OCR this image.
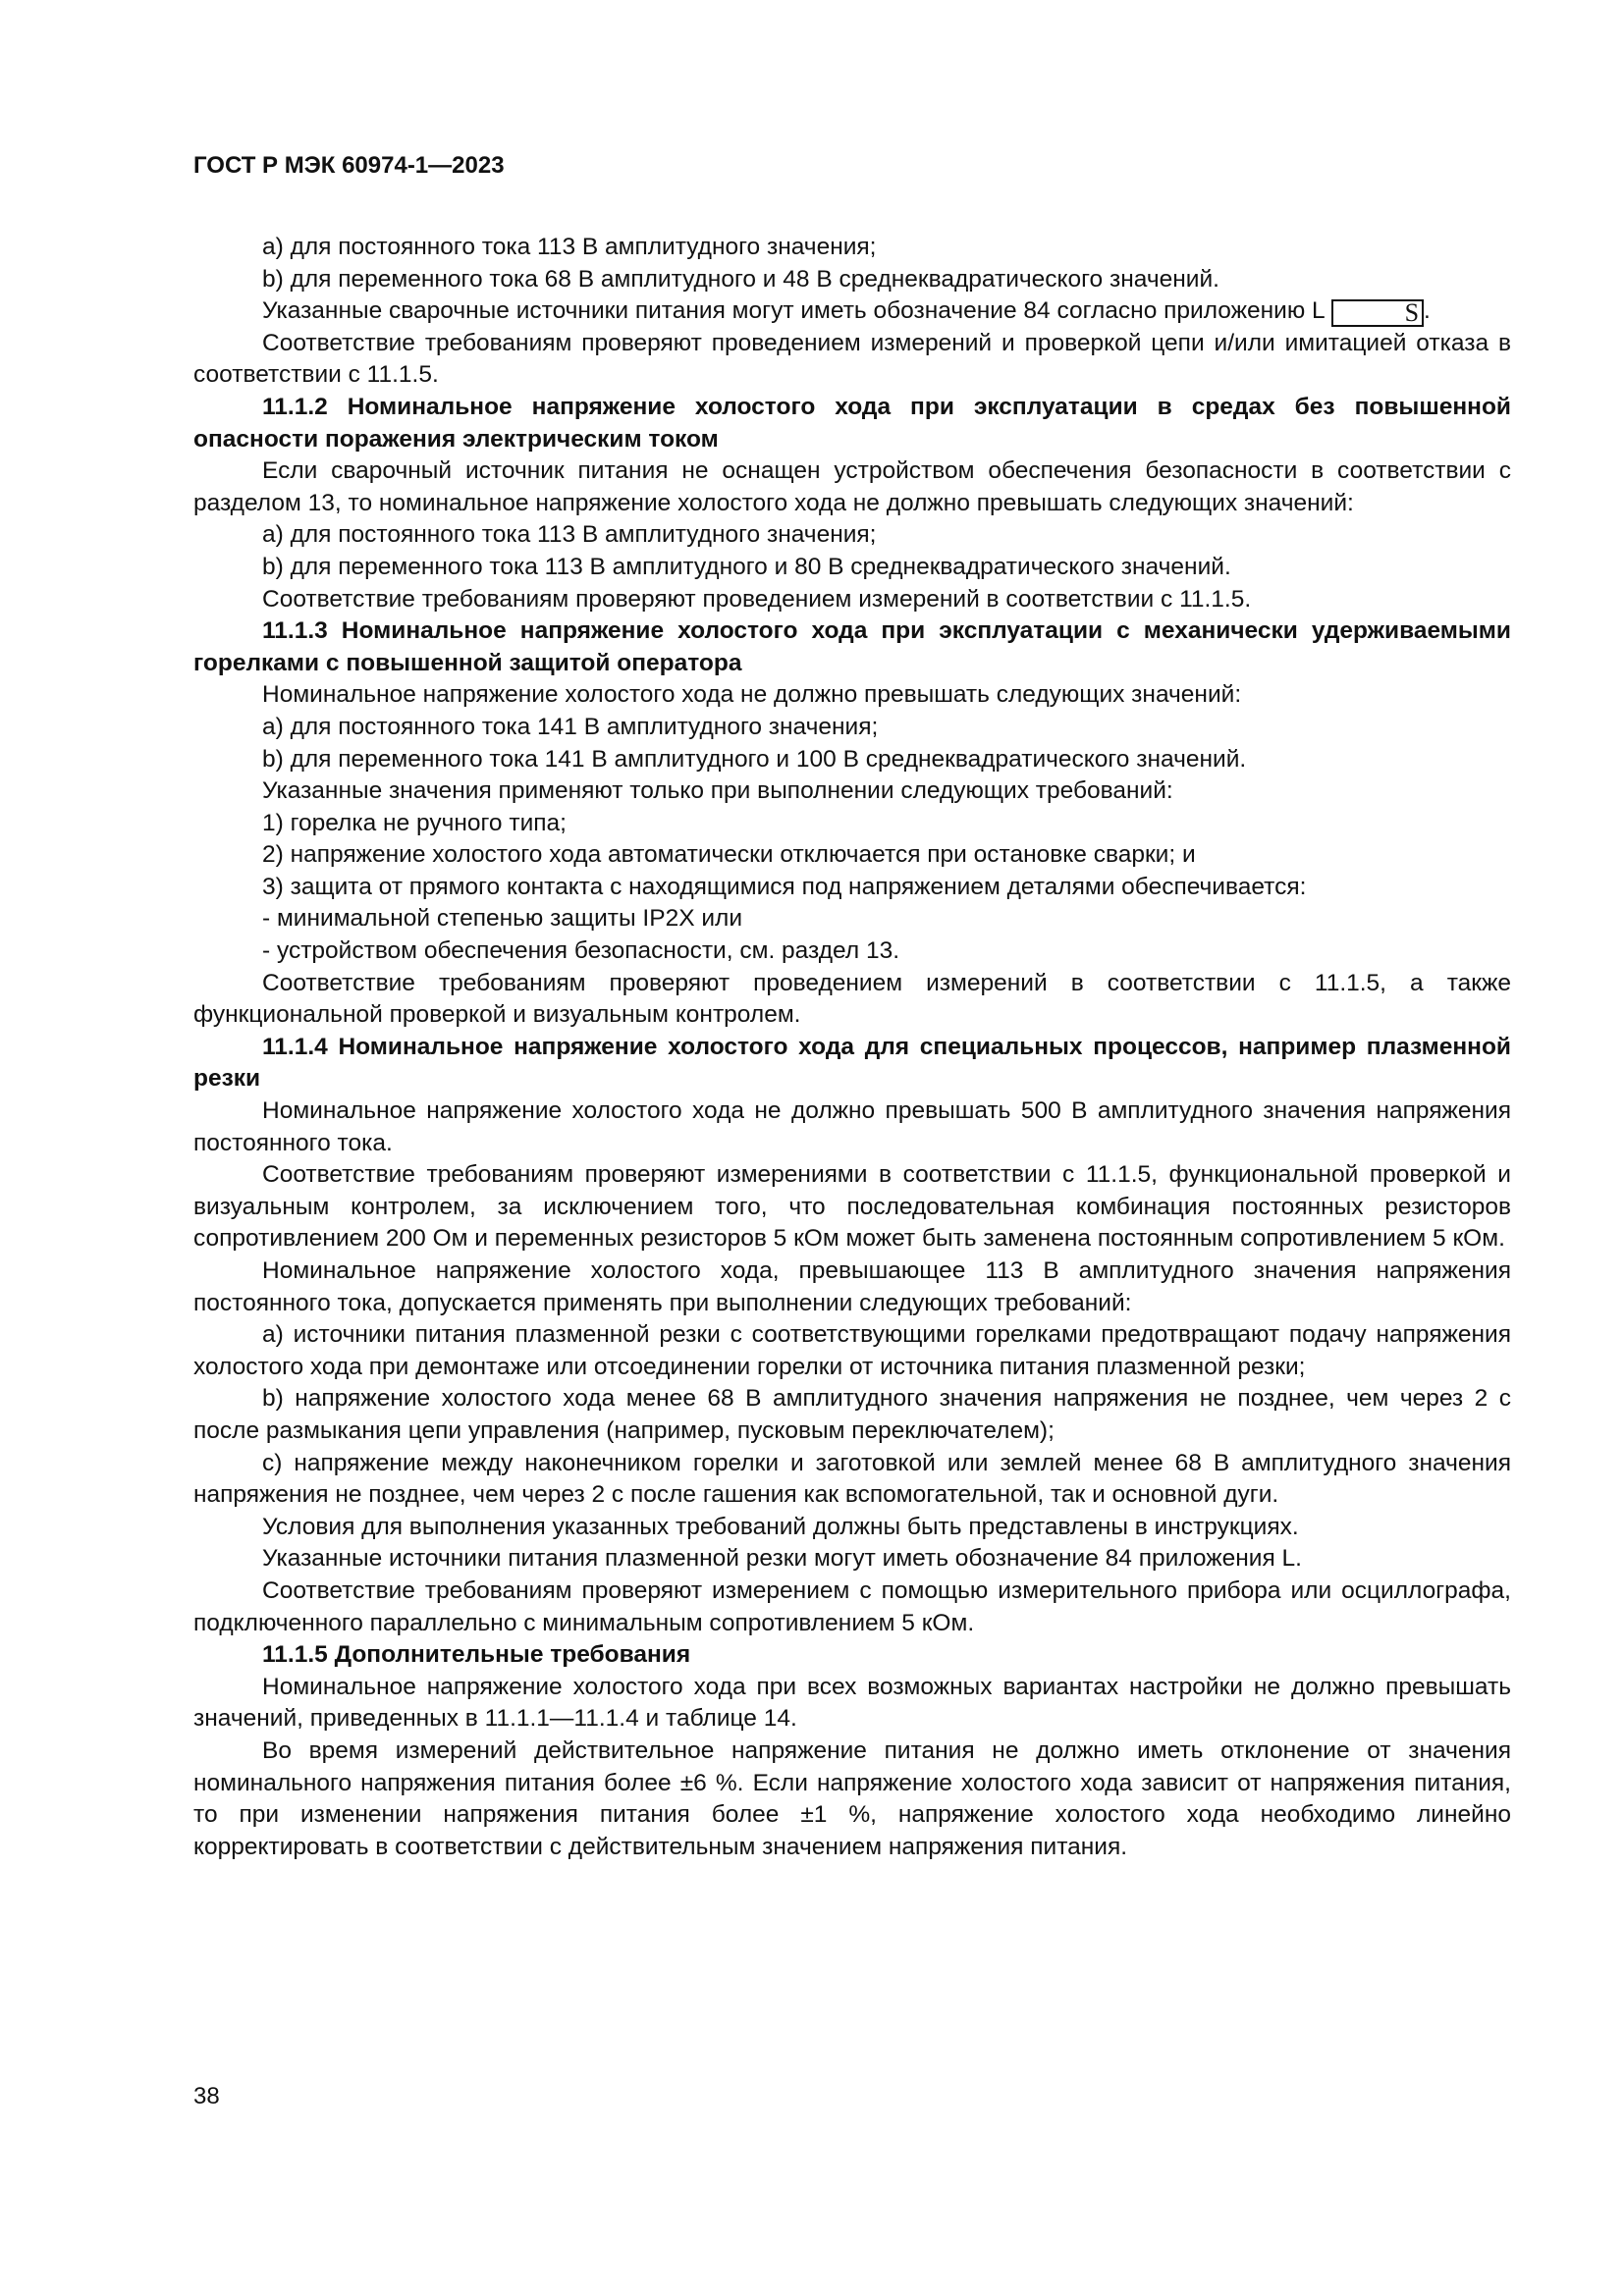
ГОСТ Р МЭК 60974-1—2023

a) для постоянного тока 113 В амплитудного значения;

b) для переменного тока 68 В амплитудного и 48 В среднеквадратического значений.

Указанные сварочные источники питания могут иметь обозначение 84 согласно приложению L	S .

Соответствие требованиям проверяют проведением измерений и проверкой цепи и/или имитацией отказа в соответствии с 11.1.5.

11.1.2 Номинальное напряжение холостого хода при эксплуатации в средах без повышенной опасности поражения электрическим током

Если сварочный источник питания не оснащен устройством обеспечения безопасности в соответствии с разделом 13, то номинальное напряжение холостого хода не должно превышать следующих значений:

a) для постоянного тока 113 В амплитудного значения;

b) для переменного тока 113 В амплитудного и 80 В среднеквадратического значений.

Соответствие требованиям проверяют проведением измерений в соответствии с 11.1.5.

11.1.3 Номинальное напряжение холостого хода при эксплуатации с механически удерживаемыми горелками с повышенной защитой оператора

Номинальное напряжение холостого хода не должно превышать следующих значений:

a) для постоянного тока 141 В амплитудного значения;

b) для переменного тока 141 В амплитудного и 100 В среднеквадратического значений.

Указанные значения применяют только при выполнении следующих требований:

1) горелка не ручного типа;

2) напряжение холостого хода автоматически отключается при остановке сварки; и

3) защита от прямого контакта с находящимися под напряжением деталями обеспечивается:

- минимальной степенью защиты IP2X или

- устройством обеспечения безопасности, см. раздел 13.

Соответствие требованиям проверяют проведением измерений в соответствии с 11.1.5, а также функциональной проверкой и визуальным контролем.

11.1.4 Номинальное напряжение холостого хода для специальных процессов, например плазменной резки

Номинальное напряжение холостого хода не должно превышать 500 В амплитудного значения напряжения постоянного тока.

Соответствие требованиям проверяют измерениями в соответствии с 11.1.5, функциональной проверкой и визуальным контролем, за исключением того, что последовательная комбинация постоянных резисторов сопротивлением 200 Ом и переменных резисторов 5 кОм может быть заменена постоянным сопротивлением 5 кОм.

Номинальное напряжение холостого хода, превышающее 113 В амплитудного значения напряжения постоянного тока, допускается применять при выполнении следующих требований:

a) источники питания плазменной резки с соответствующими горелками предотвращают подачу напряжения холостого хода при демонтаже или отсоединении горелки от источника питания плазменной резки;

b) напряжение холостого хода менее 68 В амплитудного значения напряжения не позднее, чем через 2 с после размыкания цепи управления (например, пусковым переключателем);

c) напряжение между наконечником горелки и заготовкой или землей менее 68 В амплитудного значения напряжения не позднее, чем через 2 с после гашения как вспомогательной, так и основной дуги.

Условия для выполнения указанных требований должны быть представлены в инструкциях.

Указанные источники питания плазменной резки могут иметь обозначение 84 приложения L.

Соответствие требованиям проверяют измерением с помощью измерительного прибора или осциллографа, подключенного параллельно с минимальным сопротивлением 5 кОм.

11.1.5 Дополнительные требования

Номинальное напряжение холостого хода при всех возможных вариантах настройки не должно превышать значений, приведенных в 11.1.1—11.1.4 и таблице 14.

Во время измерений действительное напряжение питания не должно иметь отклонение от значения номинального напряжения питания более ±6 %. Если напряжение холостого хода зависит от напряжения питания, то при изменении напряжения питания более ±1 %, напряжение холостого хода необходимо линейно корректировать в соответствии с действительным значением напряжения питания.

38
